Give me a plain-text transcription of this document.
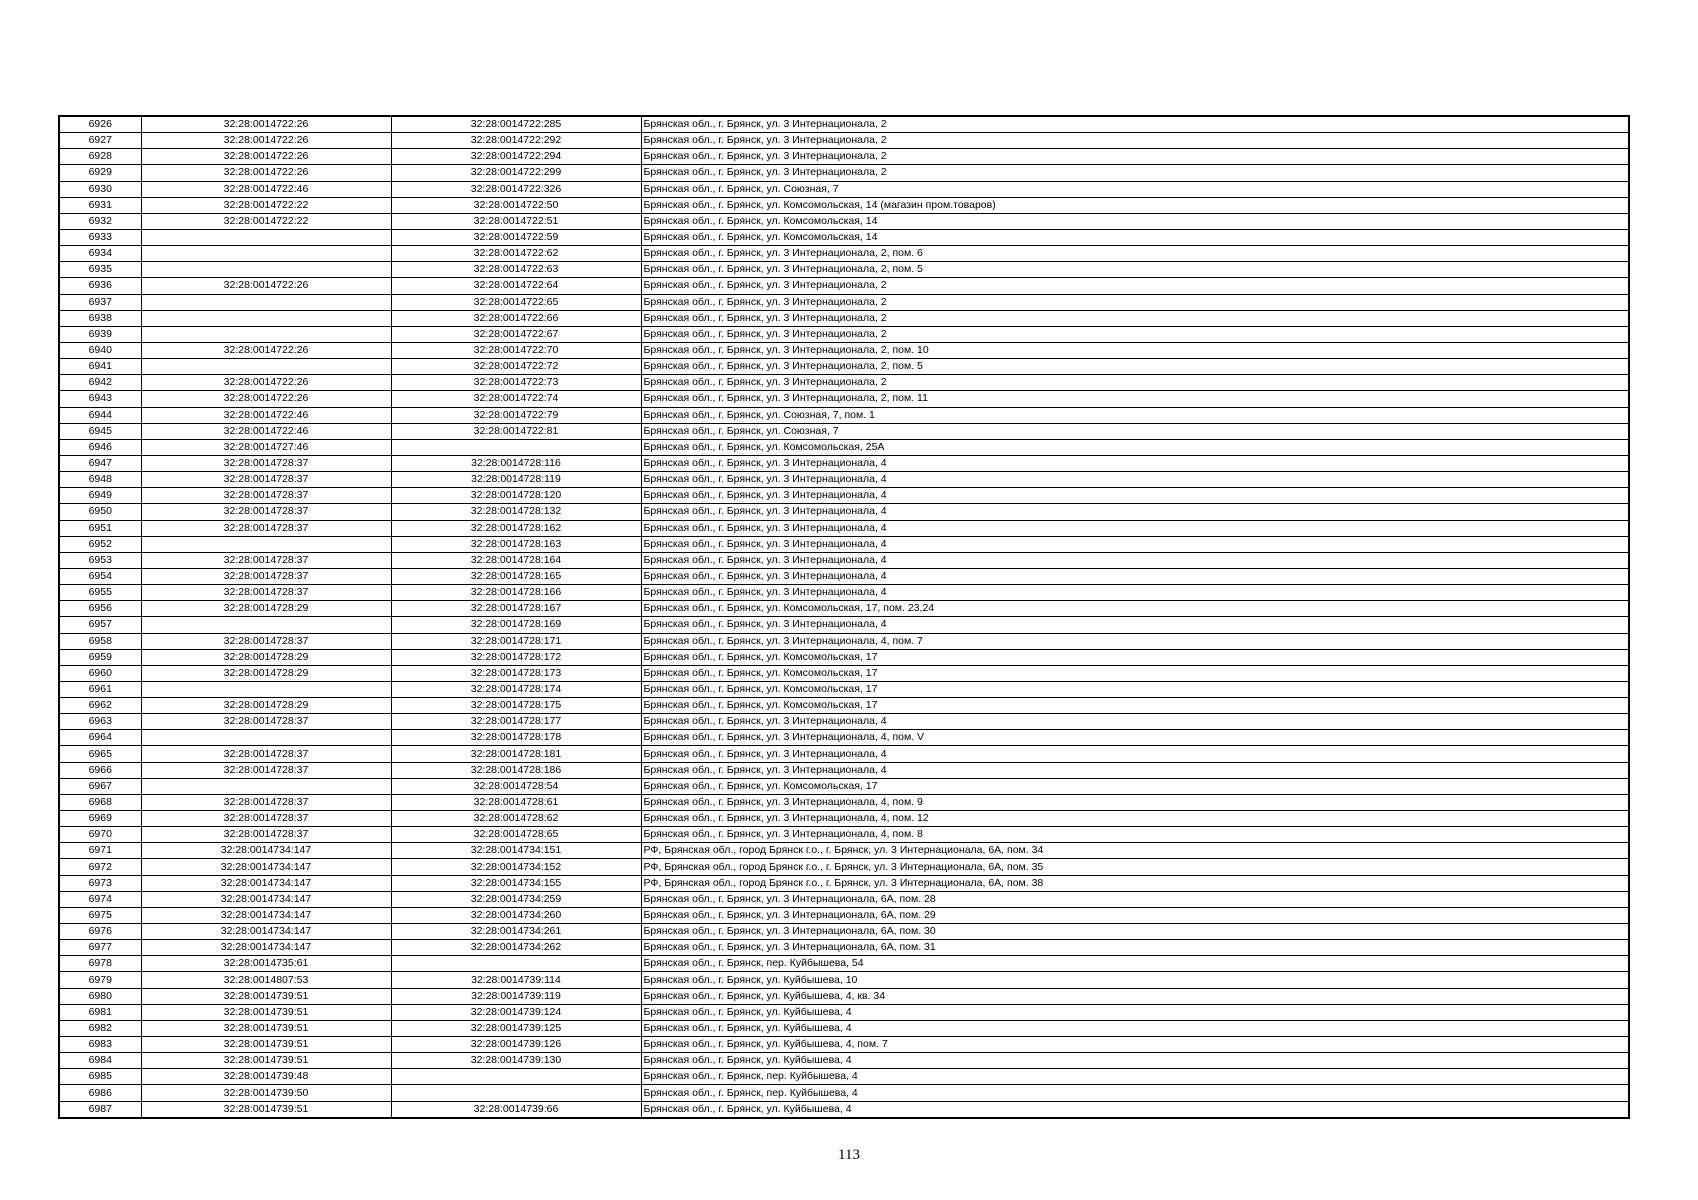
6926	32:28:0014722:26	32:28:0014722:285	Брянская обл., г. Брянск, ул. 3 Интернационала, 2
6927	32:28:0014722:26	32:28:0014722:292	Брянская обл., г. Брянск, ул. 3 Интернационала, 2
6928	32:28:0014722:26	32:28:0014722:294	Брянская обл., г. Брянск, ул. 3 Интернационала, 2
6929	32:28:0014722:26	32:28:0014722:299	Брянская обл., г. Брянск, ул. 3 Интернационала, 2
6930	32:28:0014722:46	32:28:0014722:326	Брянская обл., г. Брянск, ул. Союзная, 7
6931	32:28:0014722:22	32:28:0014722:50	Брянская обл., г. Брянск, ул. Комсомольская, 14 (магазин пром.товаров)
6932	32:28:0014722:22	32:28:0014722:51	Брянская обл., г. Брянск, ул. Комсомольская, 14
6933		32:28:0014722:59	Брянская обл., г. Брянск, ул. Комсомольская, 14
6934		32:28:0014722:62	Брянская обл., г. Брянск, ул. 3 Интернационала, 2, пом. 6
6935		32:28:0014722:63	Брянская обл., г. Брянск, ул. 3 Интернационала, 2, пом. 5
6936	32:28:0014722:26	32:28:0014722:64	Брянская обл., г. Брянск, ул. 3 Интернационала, 2
6937		32:28:0014722:65	Брянская обл., г. Брянск, ул. 3 Интернационала, 2
6938		32:28:0014722:66	Брянская обл., г. Брянск, ул. 3 Интернационала, 2
6939		32:28:0014722:67	Брянская обл., г. Брянск, ул. 3 Интернационала, 2
6940	32:28:0014722:26	32:28:0014722:70	Брянская обл., г. Брянск, ул. 3 Интернационала, 2, пом. 10
6941		32:28:0014722:72	Брянская обл., г. Брянск, ул. 3 Интернационала, 2, пом. 5
6942	32:28:0014722:26	32:28:0014722:73	Брянская обл., г. Брянск, ул. 3 Интернационала, 2
6943	32:28:0014722:26	32:28:0014722:74	Брянская обл., г. Брянск, ул. 3 Интернационала, 2, пом. 11
6944	32:28:0014722:46	32:28:0014722:79	Брянская обл., г. Брянск, ул. Союзная, 7, пом. 1
6945	32:28:0014722:46	32:28:0014722:81	Брянская обл., г. Брянск, ул. Союзная, 7
6946	32:28:0014727:46		Брянская обл., г. Брянск, ул. Комсомольская, 25А
6947	32:28:0014728:37	32:28:0014728:116	Брянская обл., г. Брянск, ул. 3 Интернационала, 4
6948	32:28:0014728:37	32:28:0014728:119	Брянская обл., г. Брянск, ул. 3 Интернационала, 4
6949	32:28:0014728:37	32:28:0014728:120	Брянская обл., г. Брянск, ул. 3 Интернационала, 4
6950	32:28:0014728:37	32:28:0014728:132	Брянская обл., г. Брянск, ул. 3 Интернационала, 4
6951	32:28:0014728:37	32:28:0014728:162	Брянская обл., г. Брянск, ул. 3 Интернационала, 4
6952		32:28:0014728:163	Брянская обл., г. Брянск, ул. 3 Интернационала, 4
6953	32:28:0014728:37	32:28:0014728:164	Брянская обл., г. Брянск, ул. 3 Интернационала, 4
6954	32:28:0014728:37	32:28:0014728:165	Брянская обл., г. Брянск, ул. 3 Интернационала, 4
6955	32:28:0014728:37	32:28:0014728:166	Брянская обл., г. Брянск, ул. 3 Интернационала, 4
6956	32:28:0014728:29	32:28:0014728:167	Брянская обл., г. Брянск, ул. Комсомольская, 17, пом. 23,24
6957		32:28:0014728:169	Брянская обл., г. Брянск, ул. 3 Интернационала, 4
6958	32:28:0014728:37	32:28:0014728:171	Брянская обл., г. Брянск, ул. 3 Интернационала, 4, пом. 7
6959	32:28:0014728:29	32:28:0014728:172	Брянская обл., г. Брянск, ул. Комсомольская, 17
6960	32:28:0014728:29	32:28:0014728:173	Брянская обл., г. Брянск, ул. Комсомольская, 17
6961		32:28:0014728:174	Брянская обл., г. Брянск, ул. Комсомольская, 17
6962	32:28:0014728:29	32:28:0014728:175	Брянская обл., г. Брянск, ул. Комсомольская, 17
6963	32:28:0014728:37	32:28:0014728:177	Брянская обл., г. Брянск, ул. 3 Интернационала, 4
6964		32:28:0014728:178	Брянская обл., г. Брянск, ул. 3 Интернационала, 4, пом. V
6965	32:28:0014728:37	32:28:0014728:181	Брянская обл., г. Брянск, ул. 3 Интернационала, 4
6966	32:28:0014728:37	32:28:0014728:186	Брянская обл., г. Брянск, ул. 3 Интернационала, 4
6967		32:28:0014728:54	Брянская обл., г. Брянск, ул. Комсомольская, 17
6968	32:28:0014728:37	32:28:0014728:61	Брянская обл., г. Брянск, ул. 3 Интернационала, 4, пом. 9
6969	32:28:0014728:37	32:28:0014728:62	Брянская обл., г. Брянск, ул. 3 Интернационала, 4, пом. 12
6970	32:28:0014728:37	32:28:0014728:65	Брянская обл., г. Брянск, ул. 3 Интернационала, 4, пом. 8
6971	32:28:0014734:147	32:28:0014734:151	РФ, Брянская обл., город Брянск г.о., г. Брянск, ул. 3 Интернационала, 6А, пом. 34
6972	32:28:0014734:147	32:28:0014734:152	РФ, Брянская обл., город Брянск г.о., г. Брянск, ул. 3 Интернационала, 6А, пом. 35
6973	32:28:0014734:147	32:28:0014734:155	РФ, Брянская обл., город Брянск г.о., г. Брянск, ул. 3 Интернационала, 6А, пом. 38
6974	32:28:0014734:147	32:28:0014734:259	Брянская обл., г. Брянск, ул. 3 Интернационала, 6А, пом. 28
6975	32:28:0014734:147	32:28:0014734:260	Брянская обл., г. Брянск, ул. 3 Интернационала, 6А, пом. 29
6976	32:28:0014734:147	32:28:0014734:261	Брянская обл., г. Брянск, ул. 3 Интернационала, 6А, пом. 30
6977	32:28:0014734:147	32:28:0014734:262	Брянская обл., г. Брянск, ул. 3 Интернационала, 6А, пом. 31
6978	32:28:0014735:61		Брянская обл., г. Брянск, пер. Куйбышева, 54
6979	32:28:0014807:53	32:28:0014739:114	Брянская обл., г. Брянск, ул. Куйбышева, 10
6980	32:28:0014739:51	32:28:0014739:119	Брянская обл., г. Брянск, ул. Куйбышева, 4, кв. 34
6981	32:28:0014739:51	32:28:0014739:124	Брянская обл., г. Брянск, ул. Куйбышева, 4
6982	32:28:0014739:51	32:28:0014739:125	Брянская обл., г. Брянск, ул. Куйбышева, 4
6983	32:28:0014739:51	32:28:0014739:126	Брянская обл., г. Брянск, ул. Куйбышева, 4, пом. 7
6984	32:28:0014739:51	32:28:0014739:130	Брянская обл., г. Брянск, ул. Куйбышева, 4
6985	32:28:0014739:48		Брянская обл., г. Брянск, пер. Куйбышева, 4
6986	32:28:0014739:50		Брянская обл., г. Брянск, пер. Куйбышева, 4
6987	32:28:0014739:51	32:28:0014739:66	Брянская обл., г. Брянск, ул. Куйбышева, 4
113
